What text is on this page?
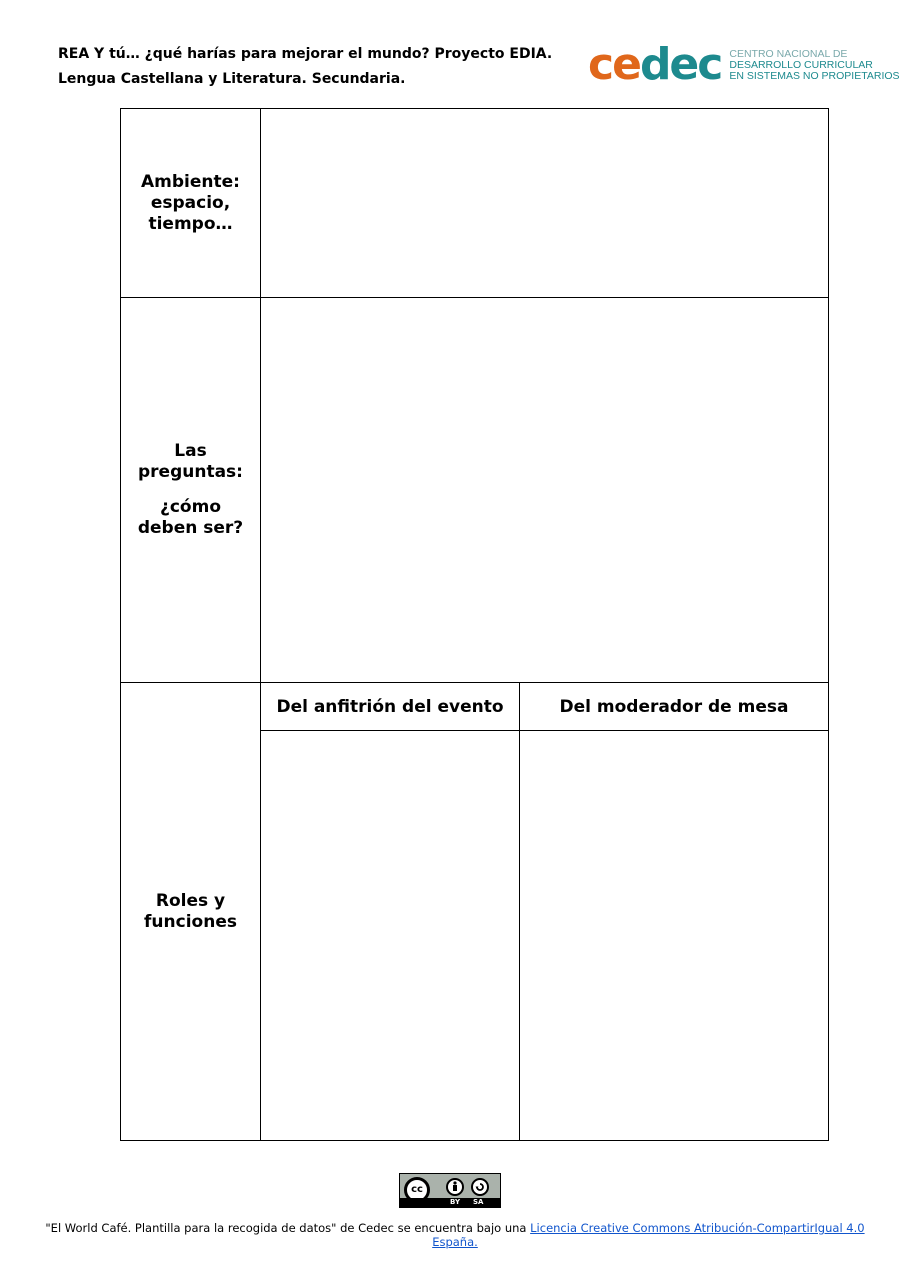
REA Y tú… ¿qué harías para mejorar el mundo? Proyecto EDIA.
Lengua Castellana y Literatura. Secundaria.	cedec CENTRO NACIONAL DE
DESARROLLO CURRICULAR
EN SISTEMAS NO PROPIETARIOS

Ambiente:

espacio,

tiempo…		

Las preguntas:

¿cómo deben ser?		

Roles y funciones	Del anfitrión del evento	Del moderador de mesa

cc
BY SA
"El World Café. Plantilla para la recogida de datos" de Cedec se encuentra bajo una Licencia Creative Commons Atribución-CompartirIgual 4.0 España.
